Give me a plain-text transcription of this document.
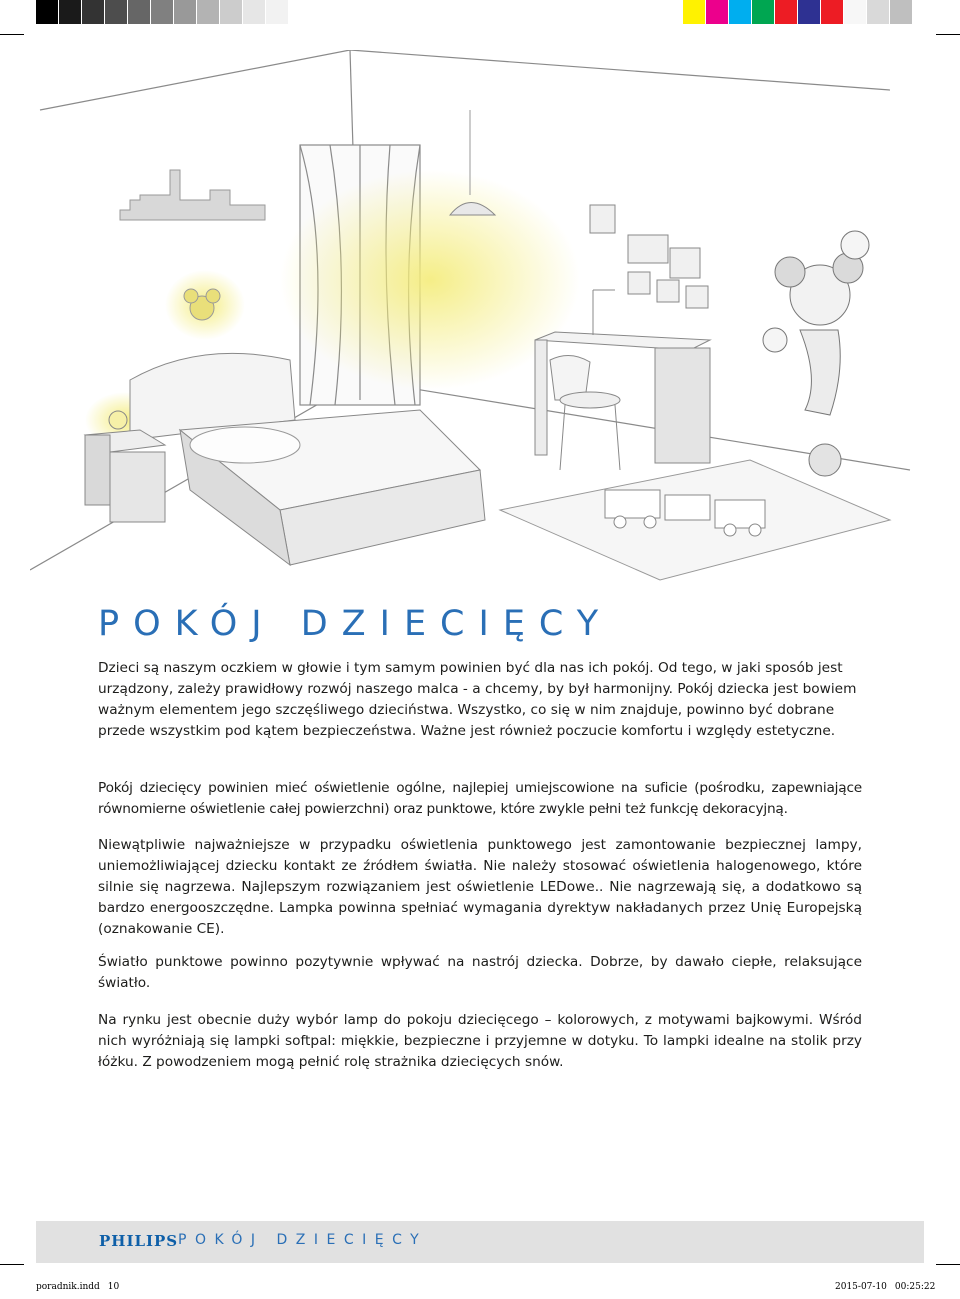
POKÓJ DZIECIĘCY

Dzieci są naszym oczkiem w głowie i tym samym powinien być dla nas ich pokój. Od tego, w jaki sposób jest urządzony, zależy prawidłowy rozwój naszego malca - a chcemy, by był harmonijny. Pokój dziecka jest bowiem ważnym elementem jego szczęśliwego dzieciństwa. Wszystko, co się w nim znajduje, powinno być dobrane przede wszystkim pod kątem bezpieczeństwa. Ważne jest również poczucie komfortu i względy estetyczne.

Pokój dziecięcy powinien mieć oświetlenie ogólne, najlepiej umiejscowione na suficie (pośrodku, zapewniające równomierne oświetlenie całej powierzchni) oraz punktowe, które zwykle pełni też funkcję dekoracyjną.

Niewątpliwie najważniejsze w przypadku oświetlenia punktowego jest zamontowanie bezpiecznej lampy, uniemożliwiającej dziecku kontakt ze źródłem światła. Nie należy stosować oświetlenia halogenowego, które silnie się nagrzewa. Najlepszym rozwiązaniem jest oświetlenie LEDowe.. Nie nagrzewają się, a dodatkowo są bardzo energooszczędne. Lampka powinna spełniać wymagania dyrektyw nakładanych przez Unię Europejską (oznakowanie CE).

Światło punktowe powinno pozytywnie wpływać na nastrój dziecka. Dobrze, by dawało ciepłe, relaksujące światło.

Na rynku jest obecnie duży wybór lamp do pokoju dziecięcego – kolorowych, z motywami bajkowymi. Wśród nich wyróżniają się lampki softpal: miękkie, bezpieczne i przyjemne w dotyku. To lampki idealne na stolik przy łóżku. Z powodzeniem mogą pełnić rolę strażnika dziecięcych snów.

PHILIPS POKÓJ DZIECIĘCY
poradnik.indd 10	2015-07-10 00:25:22
